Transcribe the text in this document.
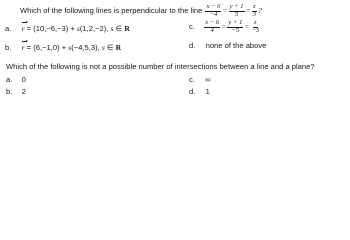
Which of the following lines is perpendicular to the line $\frac{x - 6}{-4} = \frac{y + 1}{5} = \frac{z}{3}$ ?
a. r = (10,−6,−3) + s(1,2,−2), s ∈ R
b. r = (6,−1,0) + s(−4,5,3), s ∈ R
c. $\frac{x - 6}{4} = \frac{y + 1}{-5} = \frac{z}{-3}$
d. none of the above
Which of the following is not a possible number of intersections between a line and a plane?
a. 0
b. 2
c. ∞
d. 1
